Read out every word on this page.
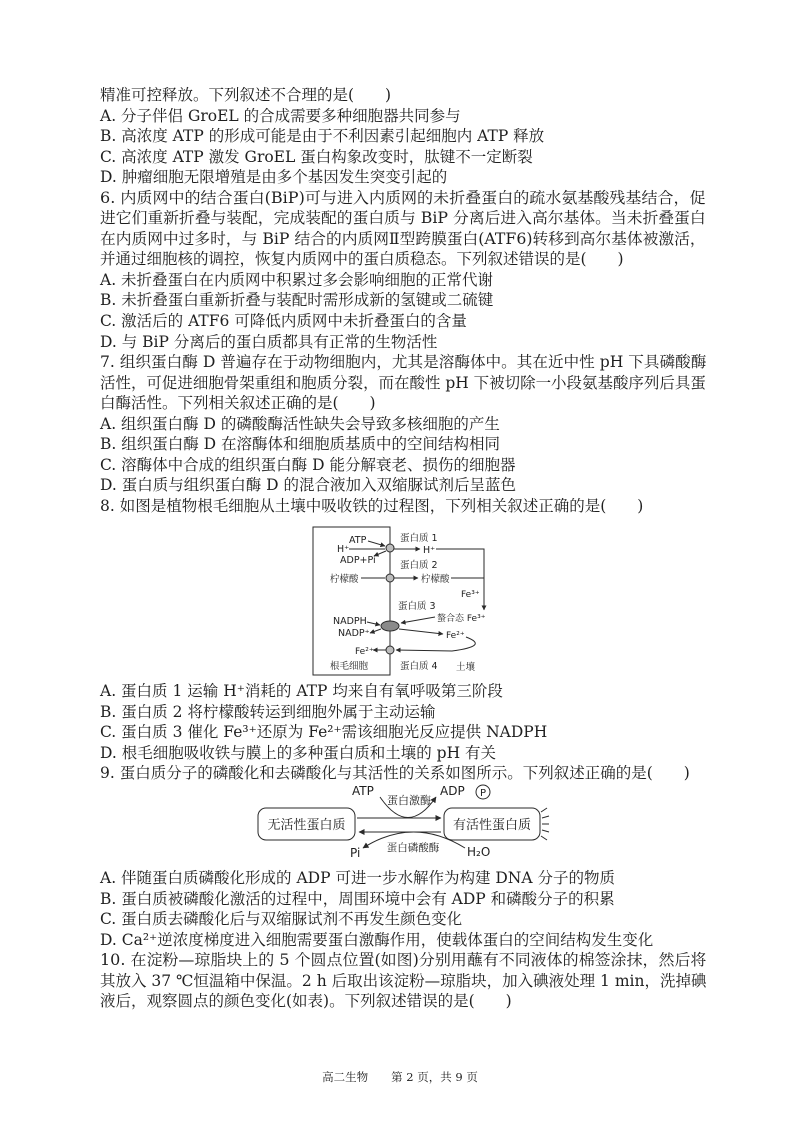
精准可控释放。下列叙述不合理的是(　　)
A. 分子伴侣 GroEL 的合成需要多种细胞器共同参与
B. 高浓度 ATP 的形成可能是由于不利因素引起细胞内 ATP 释放
C. 高浓度 ATP 激发 GroEL 蛋白构象改变时，肽键不一定断裂
D. 肿瘤细胞无限增殖是由多个基因发生突变引起的
6. 内质网中的结合蛋白(BiP)可与进入内质网的未折叠蛋白的疏水氨基酸残基结合，促
进它们重新折叠与装配，完成装配的蛋白质与 BiP 分离后进入高尔基体。当未折叠蛋白
在内质网中过多时，与 BiP 结合的内质网Ⅱ型跨膜蛋白(ATF6)转移到高尔基体被激活，
并通过细胞核的调控，恢复内质网中的蛋白质稳态。下列叙述错误的是(　　)
A. 未折叠蛋白在内质网中积累过多会影响细胞的正常代谢
B. 未折叠蛋白重新折叠与装配时需形成新的氢键或二硫键
C. 激活后的 ATF6 可降低内质网中未折叠蛋白的含量
D. 与 BiP 分离后的蛋白质都具有正常的生物活性
7. 组织蛋白酶 D 普遍存在于动物细胞内，尤其是溶酶体中。其在近中性 pH 下具磷酸酶
活性，可促进细胞骨架重组和胞质分裂，而在酸性 pH 下被切除一小段氨基酸序列后具蛋
白酶活性。下列相关叙述正确的是(　　)
A. 组织蛋白酶 D 的磷酸酶活性缺失会导致多核细胞的产生
B. 组织蛋白酶 D 在溶酶体和细胞质基质中的空间结构相同
C. 溶酶体中合成的组织蛋白酶 D 能分解衰老、损伤的细胞器
D. 蛋白质与组织蛋白酶 D 的混合液加入双缩脲试剂后呈蓝色
8. 如图是植物根毛细胞从土壤中吸收铁的过程图，下列相关叙述正确的是(　　)
ATP
H⁺
ADP+Pi
柠檬酸
蛋白质 1
H⁺
蛋白质 2
柠檬酸
Fe³⁺
蛋白质 3
螯合态 Fe³⁺
NADPH
NADP⁺	Fe²⁺
Fe²⁺
根毛细胞	蛋白质 4 土壤
A. 蛋白质 1 运输 H⁺消耗的 ATP 均来自有氧呼吸第三阶段
B. 蛋白质 2 将柠檬酸转运到细胞外属于主动运输
C. 蛋白质 3 催化 Fe³⁺还原为 Fe²⁺需该细胞光反应提供 NADPH
D. 根毛细胞吸收铁与膜上的多种蛋白质和土壤的 pH 有关
9. 蛋白质分子的磷酸化和去磷酸化与其活性的关系如图所示。下列叙述正确的是(　　)
无活性蛋白质	有活性蛋白质
ATP
蛋白激酶
ADP P
Pi	蛋白磷酸酶 H₂O
A. 伴随蛋白质磷酸化形成的 ADP 可进一步水解作为构建 DNA 分子的物质
B. 蛋白质被磷酸化激活的过程中，周围环境中会有 ADP 和磷酸分子的积累
C. 蛋白质去磷酸化后与双缩脲试剂不再发生颜色变化
D. Ca²⁺逆浓度梯度进入细胞需要蛋白激酶作用，使载体蛋白的空间结构发生变化
10. 在淀粉—琼脂块上的 5 个圆点位置(如图)分别用蘸有不同液体的棉签涂抹，然后将
其放入 37 ℃恒温箱中保温。2 h 后取出该淀粉—琼脂块，加入碘液处理 1 min，洗掉碘
液后，观察圆点的颜色变化(如表)。下列叙述错误的是(　　)
高二生物　　第 2 页，共 9 页
